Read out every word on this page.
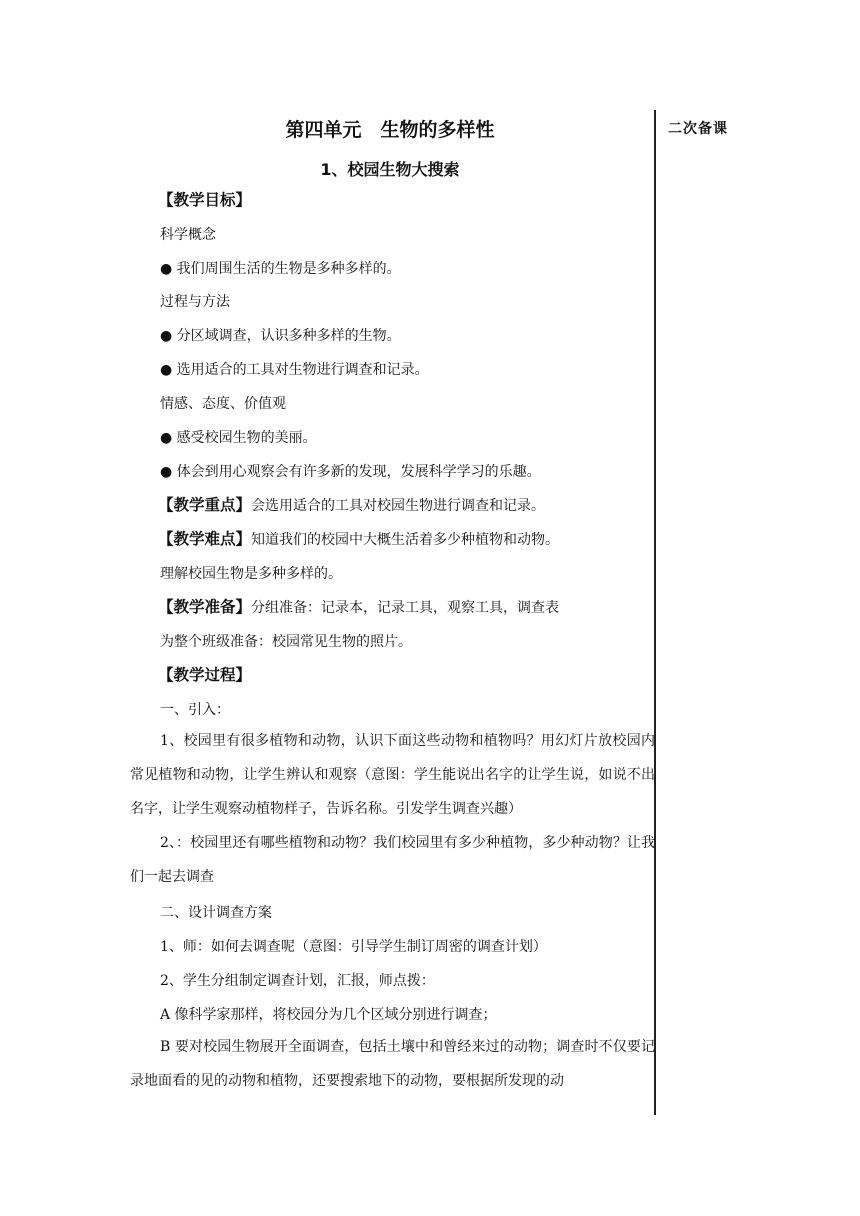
二次备课
第四单元　生物的多样性
1、校园生物大搜索
【教学目标】
科学概念
● 我们周围生活的生物是多种多样的。
过程与方法
● 分区域调查，认识多种多样的生物。
● 选用适合的工具对生物进行调查和记录。
情感、态度、价值观
● 感受校园生物的美丽。
● 体会到用心观察会有许多新的发现，发展科学学习的乐趣。
【教学重点】会选用适合的工具对校园生物进行调查和记录。
【教学难点】知道我们的校园中大概生活着多少种植物和动物。
理解校园生物是多种多样的。
【教学准备】分组准备：记录本，记录工具，观察工具，调查表
为整个班级准备：校园常见生物的照片。
【教学过程】
一、引入：
1、校园里有很多植物和动物，认识下面这些动物和植物吗？用幻灯片放校园内常见植物和动物，让学生辨认和观察（意图：学生能说出名字的让学生说，如说不出名字，让学生观察动植物样子，告诉名称。引发学生调查兴趣）
2、：校园里还有哪些植物和动物？我们校园里有多少种植物，多少种动物？让我们一起去调查
二、设计调查方案
1、师：如何去调查呢（意图：引导学生制订周密的调查计划）
2、学生分组制定调查计划，汇报，师点拨：
A 像科学家那样，将校园分为几个区域分别进行调查；
B 要对校园生物展开全面调查，包括土壤中和曾经来过的动物；调查时不仅要记录地面看的见的动物和植物，还要搜索地下的动物，要根据所发现的动
